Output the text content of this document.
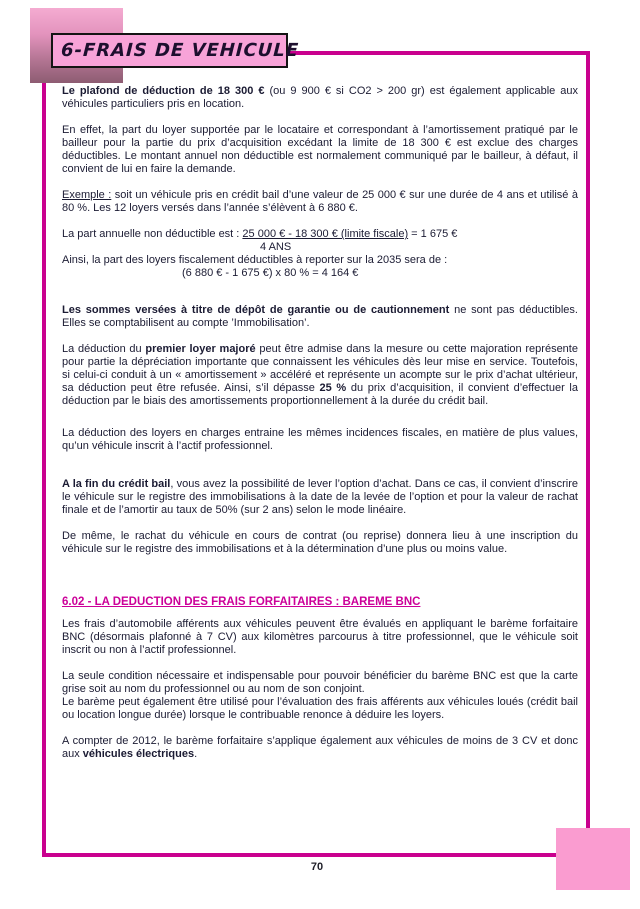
6-FRAIS DE VEHICULE
Le plafond de déduction de 18 300 € (ou 9 900 € si CO2 > 200 gr) est également applicable aux véhicules particuliers pris en location.
En effet, la part du loyer supportée par le locataire et correspondant à l’amortissement pratiqué par le bailleur pour la partie du prix d’acquisition excédant la limite de 18 300 € est exclue des charges déductibles. Le montant annuel non déductible est normalement communiqué par le bailleur, à défaut, il convient de lui en faire la demande.
Exemple : soit un véhicule pris en crédit bail d’une valeur de 25 000 € sur une durée de 4 ans et utilisé à 80 %. Les 12 loyers versés dans l’année s’élèvent à 6 880 €.
La part annuelle non déductible est : 25 000 € - 18 300 € (limite fiscale) = 1 675 €
4 ANS
Ainsi, la part des loyers fiscalement déductibles à reporter sur la 2035 sera de :
(6 880 € - 1 675 €) x 80 % = 4 164 €
Les sommes versées à titre de dépôt de garantie ou de cautionnement ne sont pas déductibles. Elles se comptabilisent au compte ’Immobilisation’.
La déduction du premier loyer majoré peut être admise dans la mesure ou cette majoration représente pour partie la dépréciation importante que connaissent les véhicules dès leur mise en service. Toutefois, si celui-ci conduit à un « amortissement » accéléré et représente un acompte sur le prix d’achat ultérieur, sa déduction peut être refusée. Ainsi, s’il dépasse 25 % du prix d’acquisition, il convient d’effectuer la déduction par le biais des amortissements proportionnellement à la durée du crédit bail.
La déduction des loyers en charges entraine les mêmes incidences fiscales, en matière de plus values, qu’un véhicule inscrit à l’actif professionnel.
A la fin du crédit bail, vous avez la possibilité de lever l’option d’achat. Dans ce cas, il convient d’inscrire le véhicule sur le registre des immobilisations à la date de la levée de l’option et pour la valeur de rachat finale et de l’amortir au taux de 50% (sur 2 ans) selon le mode linéaire.
De même, le rachat du véhicule en cours de contrat (ou reprise) donnera lieu à une inscription du véhicule sur le registre des immobilisations et à la détermination d’une plus ou moins value.
6.02 - LA DEDUCTION DES FRAIS FORFAITAIRES : BAREME BNC
Les frais d’automobile afférents aux véhicules peuvent être évalués en appliquant le barème forfaitaire BNC (désormais plafonné à 7 CV) aux kilomètres parcourus à titre professionnel, que le véhicule soit inscrit ou non à l’actif professionnel.
La seule condition nécessaire et indispensable pour pouvoir bénéficier du barème BNC est que la carte grise soit au nom du professionnel ou au nom de son conjoint.
Le barème peut également être utilisé pour l’évaluation des frais afférents aux véhicules loués (crédit bail ou location longue durée) lorsque le contribuable renonce à déduire les loyers.
A compter de 2012, le barème forfaitaire s’applique également aux véhicules de moins de 3 CV et donc aux véhicules électriques.
70
